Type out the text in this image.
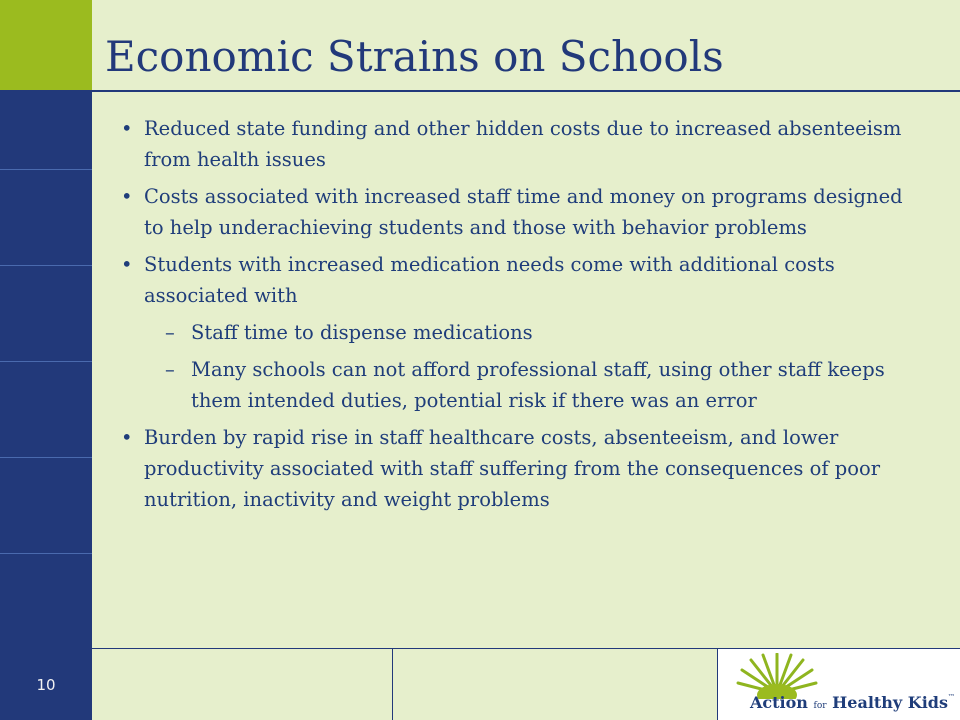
10
Economic Strains on Schools
• Reduced state funding and other hidden costs due to increased absenteeism from health issues
• Costs associated with increased staff time and money on programs designed to help underachieving students and those with behavior problems
• Students with increased medication needs come with additional costs associated with
– Staff time to dispense medications
– Many schools can not afford professional staff, using other staff keeps them intended duties, potential risk if there was an error
• Burden by rapid rise in staff healthcare costs, absenteeism, and lower productivity associated with staff suffering from the consequences of poor nutrition, inactivity and weight problems
Action for Healthy Kids™
